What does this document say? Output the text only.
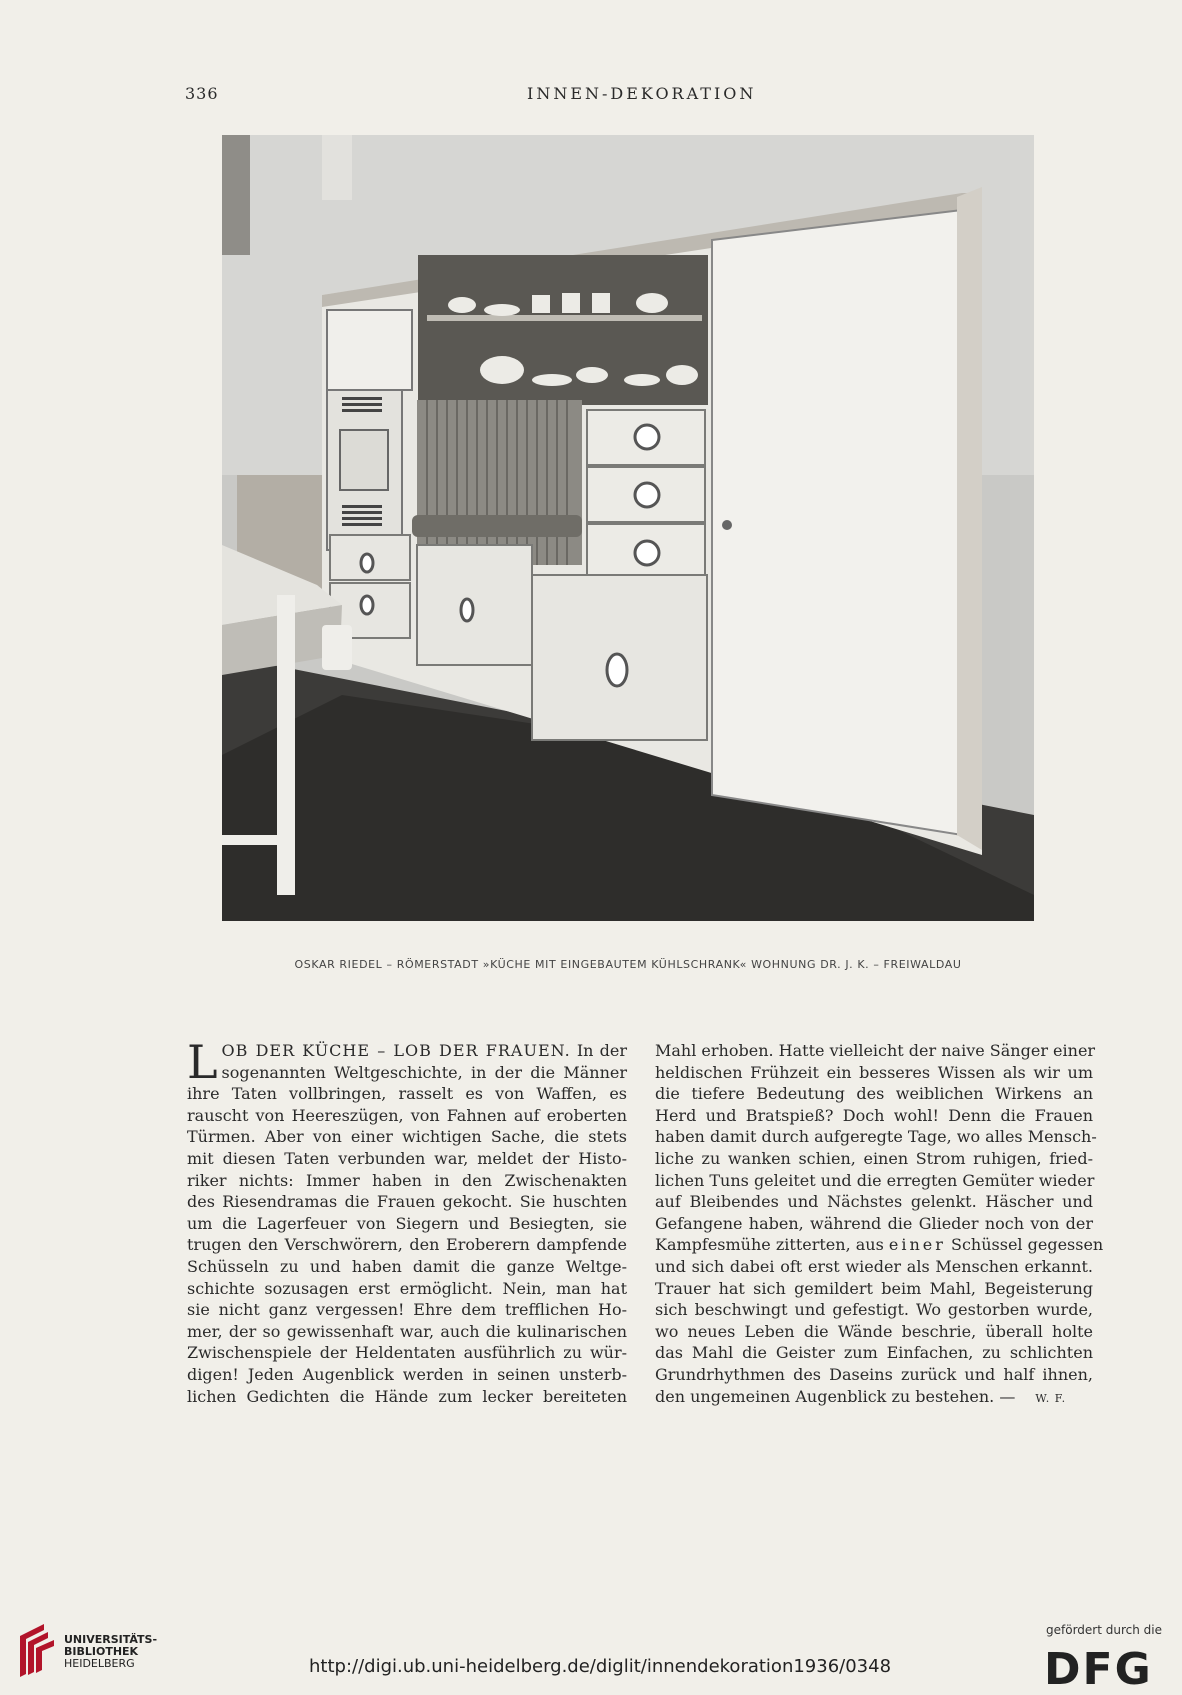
336	INNEN-DEKORATION
OSKAR RIEDEL – RÖMERSTADT »KÜCHE MIT EINGEBAUTEM KÜHLSCHRANK« WOHNUNG DR. J. K. – FREIWALDAU
L OB DER KÜCHE – LOB DER FRAUEN. In der
sogenannten Weltgeschichte, in der die Männer
ihre Taten vollbringen, rasselt es von Waffen, es
rauscht von Heereszügen, von Fahnen auf eroberten
Türmen. Aber von einer wichtigen Sache, die stets
mit diesen Taten verbunden war, meldet der Histo-
riker nichts: Immer haben in den Zwischenakten
des Riesendramas die Frauen gekocht. Sie huschten
um die Lagerfeuer von Siegern und Besiegten, sie
trugen den Verschwörern, den Eroberern dampfende
Schüsseln zu und haben damit die ganze Weltge-
schichte sozusagen erst ermöglicht. Nein, man hat
sie nicht ganz vergessen! Ehre dem trefflichen Ho-
mer, der so gewissenhaft war, auch die kulinarischen
Zwischenspiele der Heldentaten ausführlich zu wür-
digen! Jeden Augenblick werden in seinen unsterb-
lichen Gedichten die Hände zum lecker bereiteten
Mahl erhoben. Hatte vielleicht der naive Sänger einer
heldischen Frühzeit ein besseres Wissen als wir um
die tiefere Bedeutung des weiblichen Wirkens an
Herd und Bratspieß? Doch wohl! Denn die Frauen
haben damit durch aufgeregte Tage, wo alles Mensch-
liche zu wanken schien, einen Strom ruhigen, fried-
lichen Tuns geleitet und die erregten Gemüter wieder
auf Bleibendes und Nächstes gelenkt. Häscher und
Gefangene haben, während die Glieder noch von der
Kampfesmühe zitterten, aus einer Schüssel gegessen
und sich dabei oft erst wieder als Menschen erkannt.
Trauer hat sich gemildert beim Mahl, Begeisterung
sich beschwingt und gefestigt. Wo gestorben wurde,
wo neues Leben die Wände beschrie, überall holte
das Mahl die Geister zum Einfachen, zu schlichten
Grundrhythmen des Daseins zurück und half ihnen,
den ungemeinen Augenblick zu bestehen. — W. F.
UNIVERSITÄTS-
BIBLIOTHEK
HEIDELBERG	http://digi.ub.uni-heidelberg.de/diglit/innendekoration1936/0348
gefördert durch die
DFG
